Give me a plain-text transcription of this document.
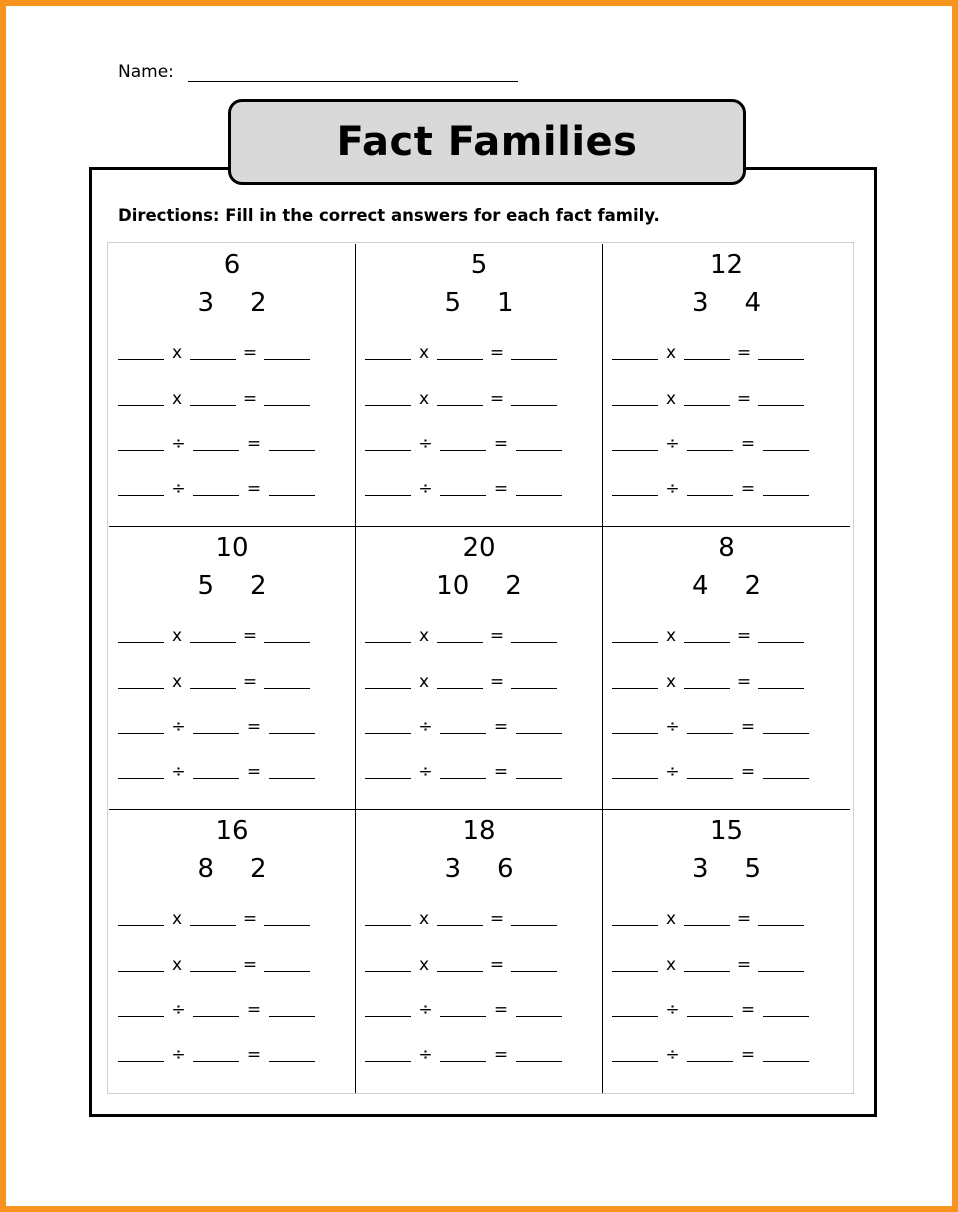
Name:
Fact Families
Directions: Fill in the correct answers for each fact family.
6
3 2
x	=
x	=
÷	=
÷	=
5
5 1
x	=
x	=
÷	=
÷	=
12
3 4
x	=
x	=
÷	=
÷	=
10
5 2
x	=
x	=
÷	=
÷	=
20
10 2
x	=
x	=
÷	=
÷	=
8
4 2
x	=
x	=
÷	=
÷	=
16
8 2
x	=
x	=
÷	=
÷	=
18
3 6
x	=
x	=
÷	=
÷	=
15
3 5
x	=
x	=
÷	=
÷	=
